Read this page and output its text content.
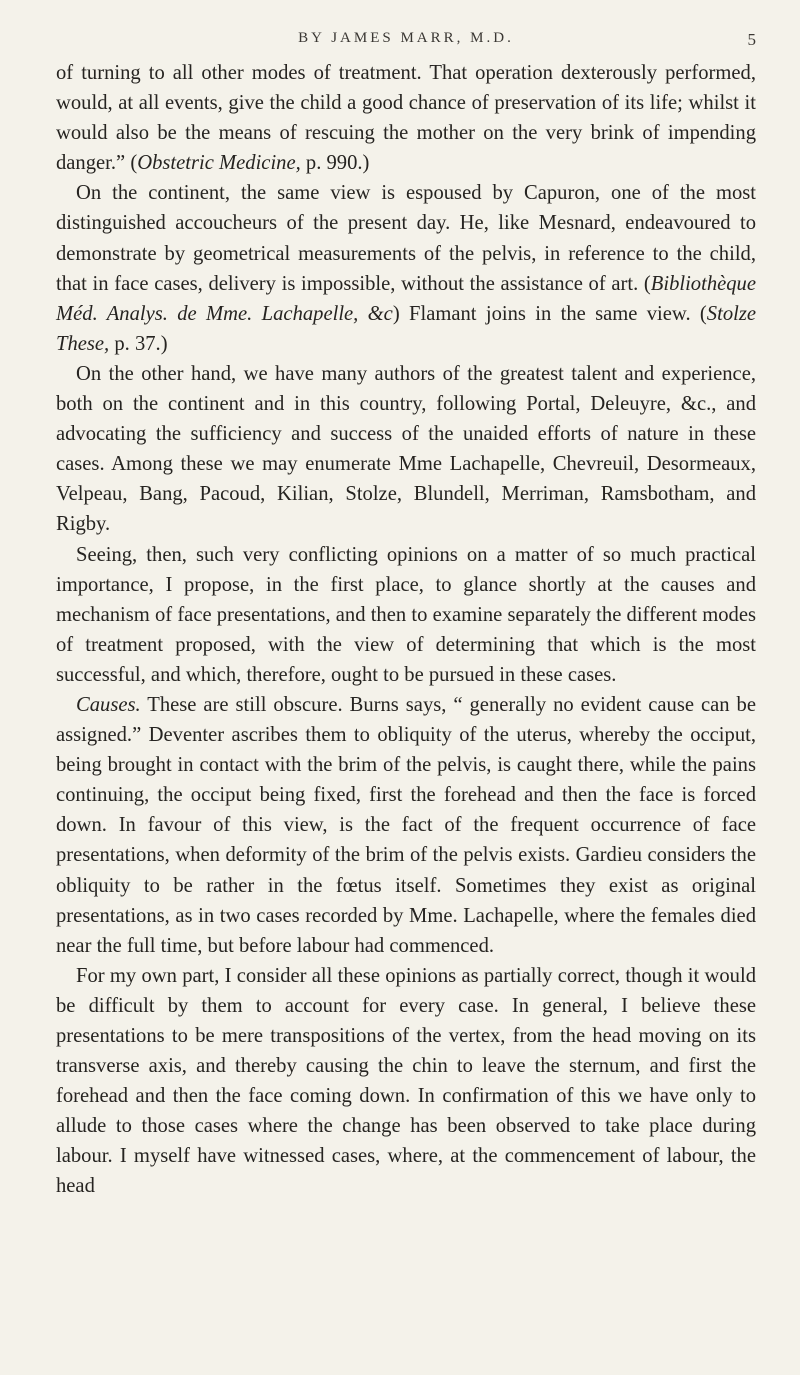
BY JAMES MARR, M.D.	5

of turning to all other modes of treatment. That operation dexterously performed, would, at all events, give the child a good chance of preservation of its life; whilst it would also be the means of rescuing the mother on the very brink of impending danger.” (Obstetric Medicine, p. 990.)

On the continent, the same view is espoused by Capuron, one of the most distinguished accoucheurs of the present day. He, like Mesnard, endeavoured to demonstrate by geometrical measurements of the pelvis, in reference to the child, that in face cases, delivery is impossible, without the assistance of art. (Bibliothèque Méd. Analys. de Mme. Lachapelle, &c) Flamant joins in the same view. (Stolze These, p. 37.)

On the other hand, we have many authors of the greatest talent and experience, both on the continent and in this country, following Portal, Deleuyre, &c., and advocating the sufficiency and success of the unaided efforts of nature in these cases. Among these we may enumerate Mme Lachapelle, Chevreuil, Desormeaux, Velpeau, Bang, Pacoud, Kilian, Stolze, Blundell, Merriman, Ramsbotham, and Rigby.

Seeing, then, such very conflicting opinions on a matter of so much practical importance, I propose, in the first place, to glance shortly at the causes and mechanism of face presentations, and then to examine separately the different modes of treatment proposed, with the view of determining that which is the most successful, and which, therefore, ought to be pursued in these cases.

Causes. These are still obscure. Burns says, “ generally no evident cause can be assigned.” Deventer ascribes them to obliquity of the uterus, whereby the occiput, being brought in contact with the brim of the pelvis, is caught there, while the pains continuing, the occiput being fixed, first the forehead and then the face is forced down. In favour of this view, is the fact of the frequent occurrence of face presentations, when deformity of the brim of the pelvis exists. Gardieu considers the obliquity to be rather in the fœtus itself. Sometimes they exist as original presentations, as in two cases recorded by Mme. Lachapelle, where the females died near the full time, but before labour had commenced.

For my own part, I consider all these opinions as partially correct, though it would be difficult by them to account for every case. In general, I believe these presentations to be mere transpositions of the vertex, from the head moving on its transverse axis, and thereby causing the chin to leave the sternum, and first the forehead and then the face coming down. In confirmation of this we have only to allude to those cases where the change has been observed to take place during labour. I myself have witnessed cases, where, at the commencement of labour, the head
